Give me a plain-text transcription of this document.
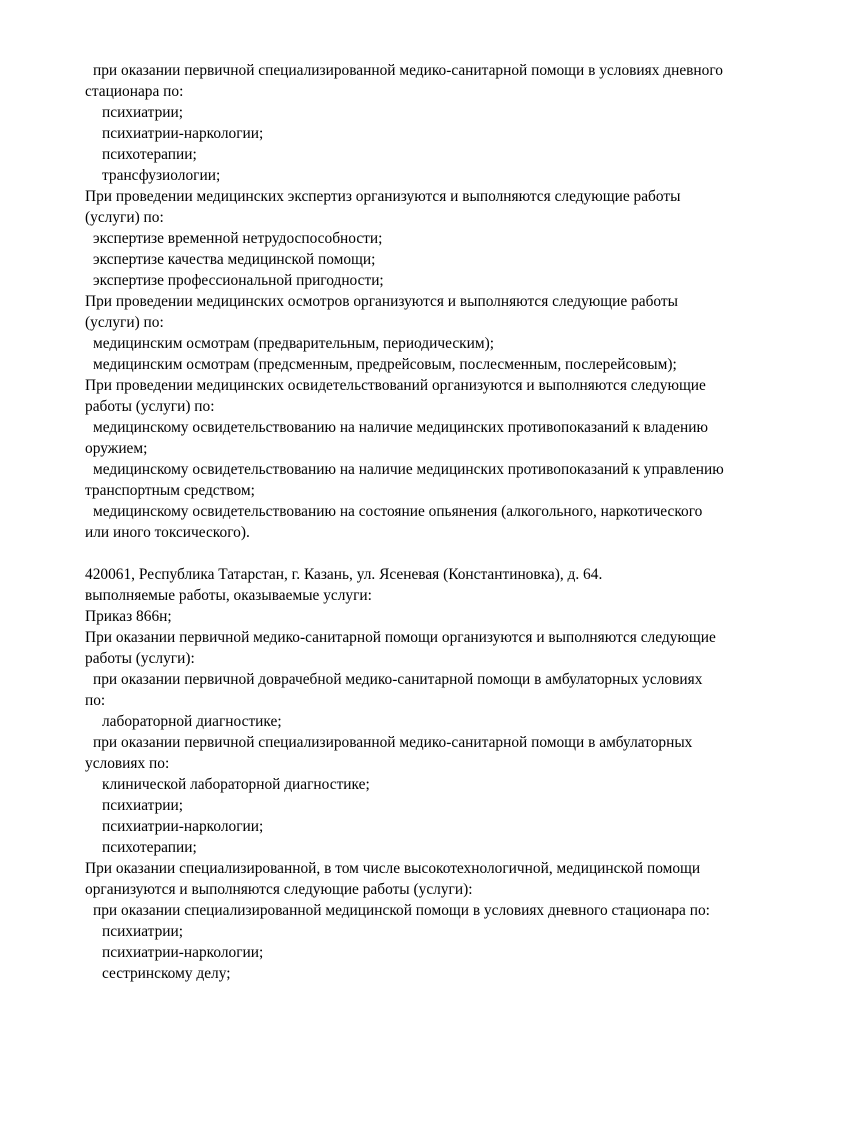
при оказании первичной специализированной медико-санитарной помощи в условиях дневного
стационара по:
психиатрии;
психиатрии-наркологии;
психотерапии;
трансфузиологии;
При проведении медицинских экспертиз организуются и выполняются следующие работы
(услуги) по:
экспертизе временной нетрудоспособности;
экспертизе качества медицинской помощи;
экспертизе профессиональной пригодности;
При проведении медицинских осмотров организуются и выполняются следующие работы
(услуги) по:
медицинским осмотрам (предварительным, периодическим);
медицинским осмотрам (предсменным, предрейсовым, послесменным, послерейсовым);
При проведении медицинских освидетельствований организуются и выполняются следующие
работы (услуги) по:
медицинскому освидетельствованию на наличие медицинских противопоказаний к владению
оружием;
медицинскому освидетельствованию на наличие медицинских противопоказаний к управлению
транспортным средством;
медицинскому освидетельствованию на состояние опьянения (алкогольного, наркотического
или иного токсического).
420061, Республика Татарстан, г. Казань, ул. Ясеневая (Константиновка), д. 64.
выполняемые работы, оказываемые услуги:
Приказ 866н;
При оказании первичной медико-санитарной помощи организуются и выполняются следующие
работы (услуги):
при оказании первичной доврачебной медико-санитарной помощи в амбулаторных условиях
по:
лабораторной диагностике;
при оказании первичной специализированной медико-санитарной помощи в амбулаторных
условиях по:
клинической лабораторной диагностике;
психиатрии;
психиатрии-наркологии;
психотерапии;
При оказании специализированной, в том числе высокотехнологичной, медицинской помощи
организуются и выполняются следующие работы (услуги):
при оказании специализированной медицинской помощи в условиях дневного стационара по:
психиатрии;
психиатрии-наркологии;
сестринскому делу;
